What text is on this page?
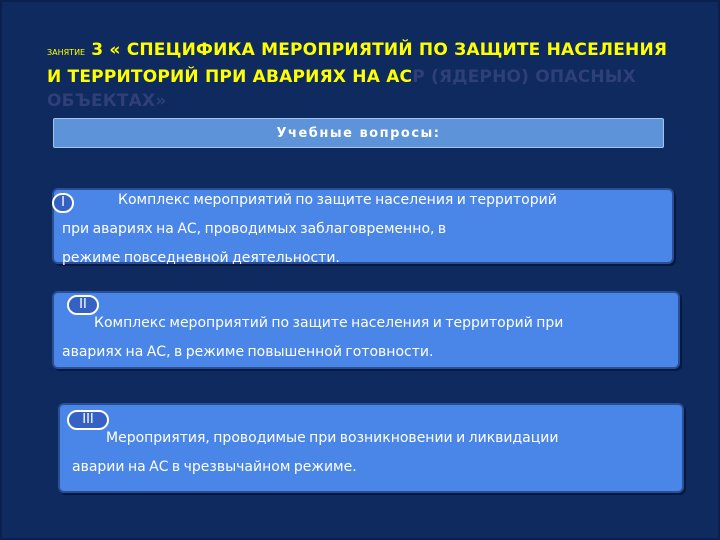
ЗАНЯТИЕ 3 « СПЕЦИФИКА МЕРОПРИЯТИЙ ПО ЗАЩИТЕ НАСЕЛЕНИЯ И ТЕРРИТОРИЙ ПРИ АВАРИЯХ НА АСР (ЯДЕРНО) ОПАСНЫХ ОБЪЕКТАХ»
Учебные вопросы:
Комплекс мероприятий по защите населения и территорий
при авариях на АС, проводимых заблаговременно, в
режиме повседневной деятельности.
I
Комплекс мероприятий по защите населения и территорий при
авариях на АС, в режиме повышенной готовности.
II
Мероприятия, проводимые при возникновении и ликвидации
аварии на АС в чрезвычайном режиме.
III
